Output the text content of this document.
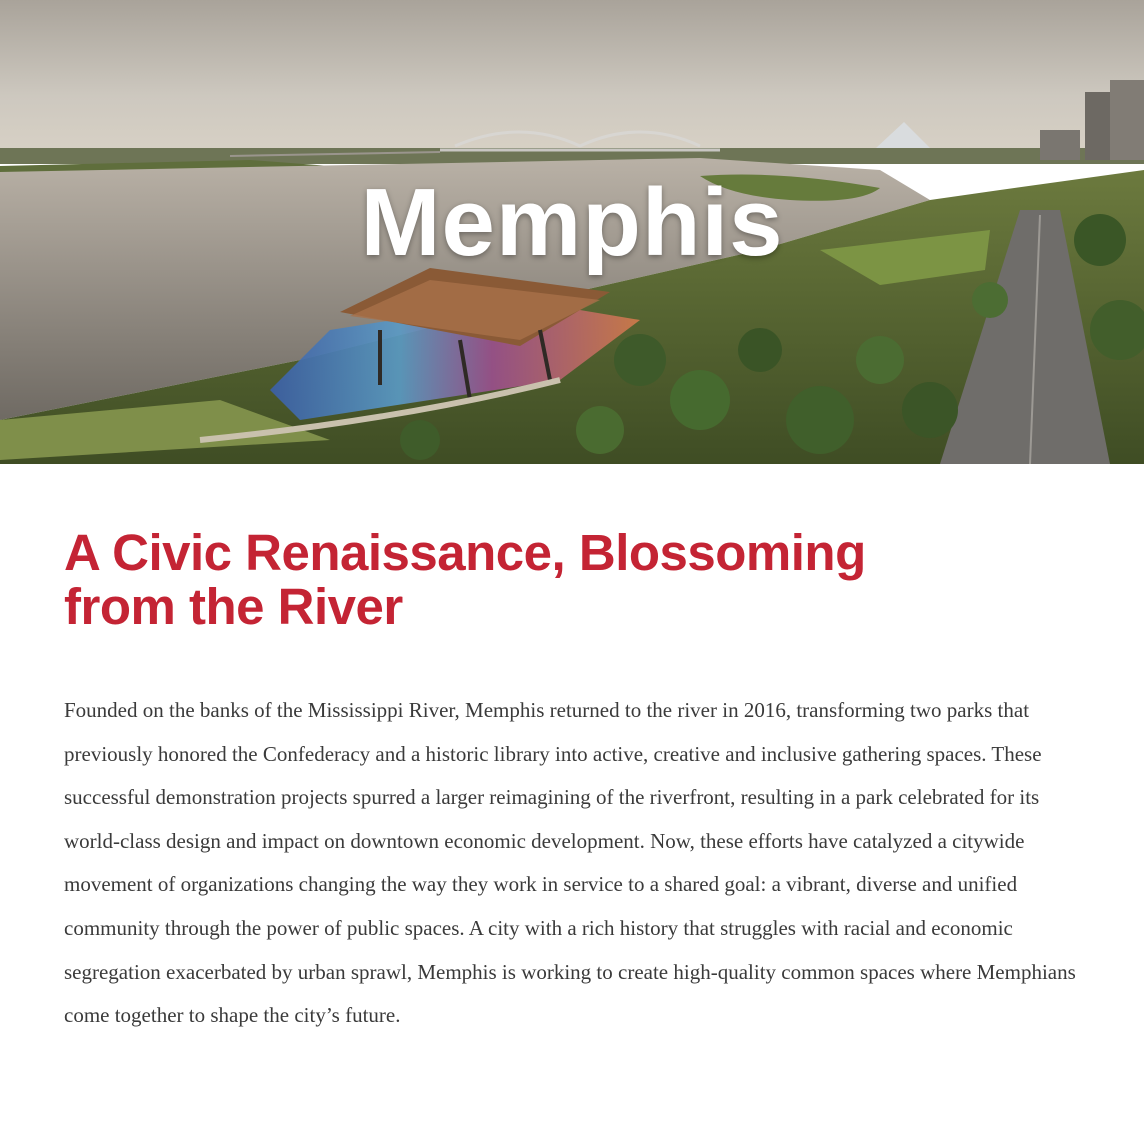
Memphis
A Civic Renaissance, Blossoming
from the River

Founded on the banks of the Mississippi River, Memphis returned to the river in 2016, transforming two parks that previously honored the Confederacy and a historic library into active, creative and inclusive gathering spaces. These successful demonstration projects spurred a larger reimagining of the riverfront, resulting in a park celebrated for its world-class design and impact on downtown economic development. Now, these efforts have catalyzed a citywide movement of organizations changing the way they work in service to a shared goal: a vibrant, diverse and unified community through the power of public spaces. A city with a rich history that struggles with racial and economic segregation exacerbated by urban sprawl, Memphis is working to create high-quality common spaces where Memphians come together to shape the city’s future.
